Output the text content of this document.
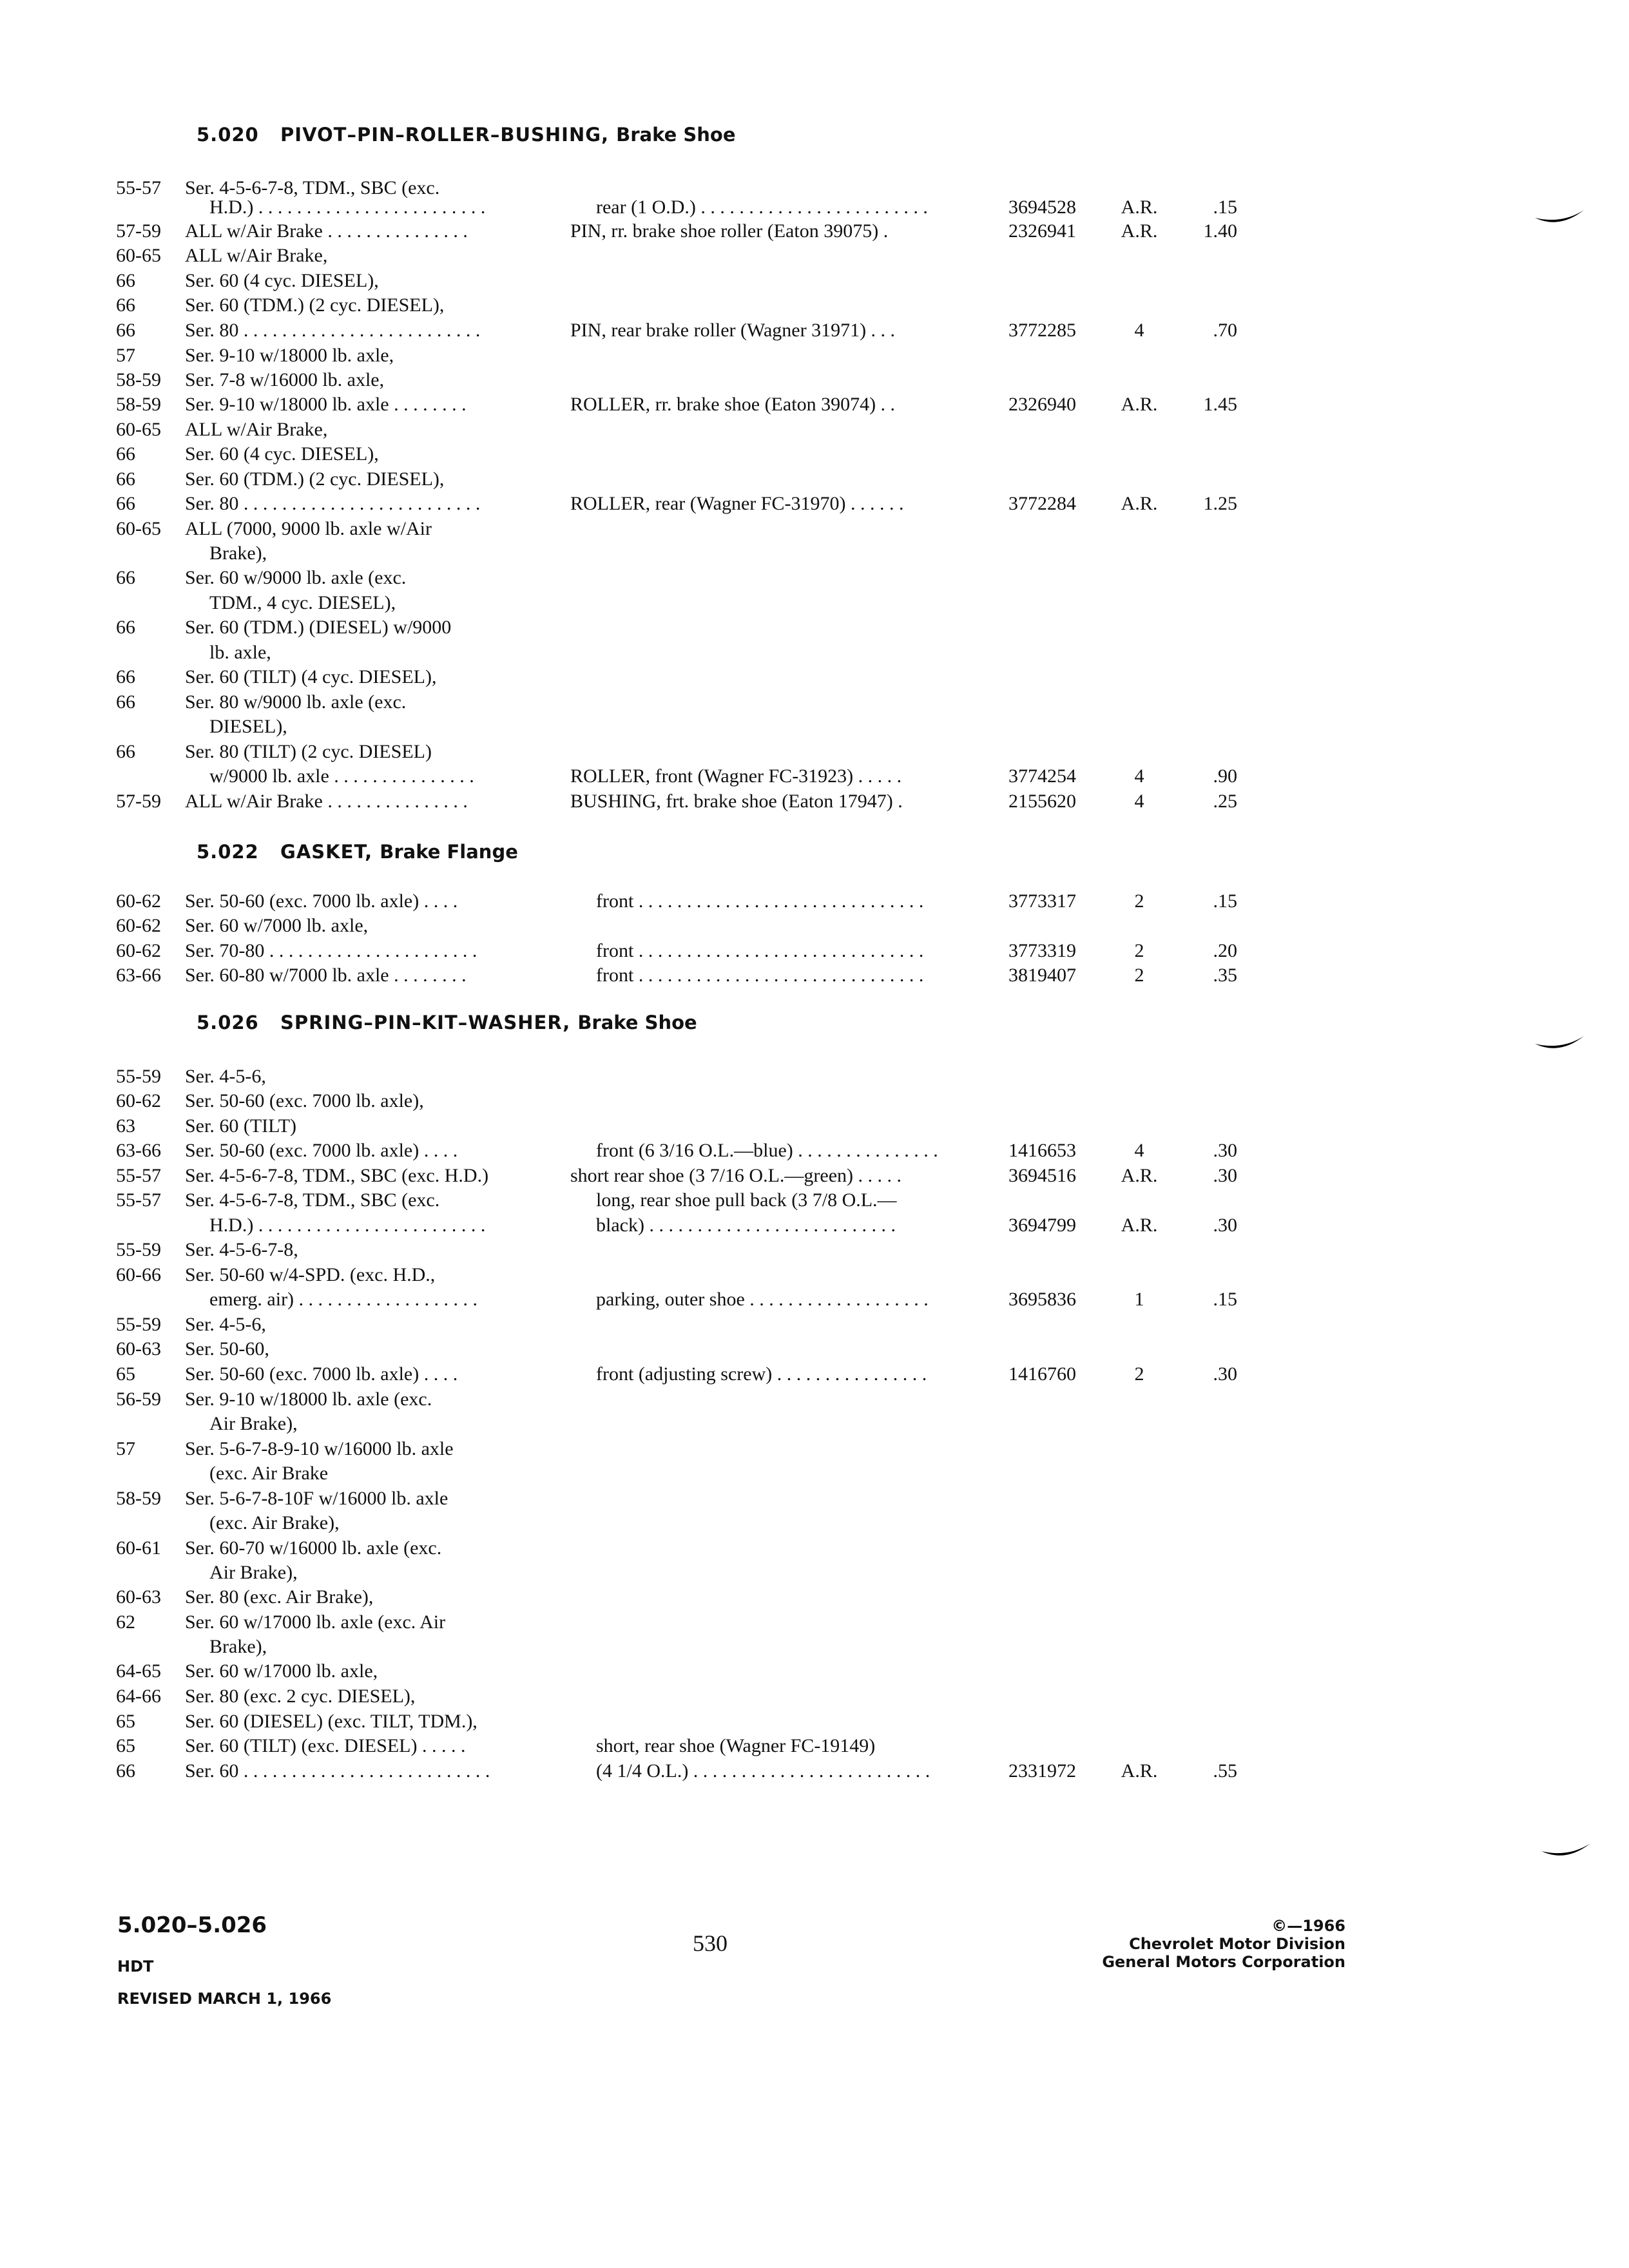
5.020 PIVOT–PIN–ROLLER–BUSHING, Brake Shoe
5.022 GASKET, Brake Flange
5.026 SPRING–PIN–KIT–WASHER, Brake Shoe
55-57 Ser. 4-5-6-7-8, TDM., SBC (exc.
H.D.) . . . . . . . . . . . . . . . . . . . . . . . .	rear (1 O.D.) . . . . . . . . . . . . . . . . . . . . . . . .	3694528	A.R.	.15
57-59 ALL w/Air Brake . . . . . . . . . . . . . . .	PIN, rr. brake shoe roller (Eaton 39075) .	2326941	A.R.	1.40
60-65 ALL w/Air Brake,
66	Ser. 60 (4 cyc. DIESEL),
66	Ser. 60 (TDM.) (2 cyc. DIESEL),
66	Ser. 80 . . . . . . . . . . . . . . . . . . . . . . . . .	PIN, rear brake roller (Wagner 31971) . . .	3772285	4	.70
57	Ser. 9-10 w/18000 lb. axle,
58-59 Ser. 7-8 w/16000 lb. axle,
58-59 Ser. 9-10 w/18000 lb. axle . . . . . . . .	ROLLER, rr. brake shoe (Eaton 39074) . .	2326940	A.R.	1.45
60-65 ALL w/Air Brake,
66	Ser. 60 (4 cyc. DIESEL),
66	Ser. 60 (TDM.) (2 cyc. DIESEL),
66	Ser. 80 . . . . . . . . . . . . . . . . . . . . . . . . .	ROLLER, rear (Wagner FC-31970) . . . . . .	3772284	A.R.	1.25
60-65 ALL (7000, 9000 lb. axle w/Air
Brake),
66	Ser. 60 w/9000 lb. axle (exc.
TDM., 4 cyc. DIESEL),
66	Ser. 60 (TDM.) (DIESEL) w/9000
lb. axle,
66	Ser. 60 (TILT) (4 cyc. DIESEL),
66	Ser. 80 w/9000 lb. axle (exc.
DIESEL),
66	Ser. 80 (TILT) (2 cyc. DIESEL)
w/9000 lb. axle . . . . . . . . . . . . . . .	ROLLER, front (Wagner FC-31923) . . . . .	3774254	4	.90
57-59 ALL w/Air Brake . . . . . . . . . . . . . . .	BUSHING, frt. brake shoe (Eaton 17947) .	2155620	4	.25
60-62 Ser. 50-60 (exc. 7000 lb. axle) . . . .	front . . . . . . . . . . . . . . . . . . . . . . . . . . . . . .	3773317	2	.15
60-62 Ser. 60 w/7000 lb. axle,
60-62 Ser. 70-80 . . . . . . . . . . . . . . . . . . . . . .	front . . . . . . . . . . . . . . . . . . . . . . . . . . . . . .	3773319	2	.20
63-66 Ser. 60-80 w/7000 lb. axle . . . . . . . .	front . . . . . . . . . . . . . . . . . . . . . . . . . . . . . .	3819407	2	.35
55-59 Ser. 4-5-6,
60-62 Ser. 50-60 (exc. 7000 lb. axle),
63	Ser. 60 (TILT)
63-66 Ser. 50-60 (exc. 7000 lb. axle) . . . .	front (6 3/16 O.L.—blue) . . . . . . . . . . . . . . .	1416653	4	.30
55-57 Ser. 4-5-6-7-8, TDM., SBC (exc. H.D.)	short rear shoe (3 7/16 O.L.—green) . . . . .	3694516	A.R.	.30
55-57 Ser. 4-5-6-7-8, TDM., SBC (exc.	long, rear shoe pull back (3 7/8 O.L.—
H.D.) . . . . . . . . . . . . . . . . . . . . . . . .	black) . . . . . . . . . . . . . . . . . . . . . . . . . .	3694799	A.R.	.30
55-59 Ser. 4-5-6-7-8,
60-66 Ser. 50-60 w/4-SPD. (exc. H.D.,
emerg. air) . . . . . . . . . . . . . . . . . . .	parking, outer shoe . . . . . . . . . . . . . . . . . . .	3695836	1	.15
55-59 Ser. 4-5-6,
60-63 Ser. 50-60,
65	Ser. 50-60 (exc. 7000 lb. axle) . . . .	front (adjusting screw) . . . . . . . . . . . . . . . .	1416760	2	.30
56-59 Ser. 9-10 w/18000 lb. axle (exc.
Air Brake),
57	Ser. 5-6-7-8-9-10 w/16000 lb. axle
(exc. Air Brake
58-59 Ser. 5-6-7-8-10F w/16000 lb. axle
(exc. Air Brake),
60-61 Ser. 60-70 w/16000 lb. axle (exc.
Air Brake),
60-63 Ser. 80 (exc. Air Brake),
62	Ser. 60 w/17000 lb. axle (exc. Air
Brake),
64-65 Ser. 60 w/17000 lb. axle,
64-66 Ser. 80 (exc. 2 cyc. DIESEL),
65	Ser. 60 (DIESEL) (exc. TILT, TDM.),
65	Ser. 60 (TILT) (exc. DIESEL) . . . . .	short, rear shoe (Wagner FC-19149)
66	Ser. 60 . . . . . . . . . . . . . . . . . . . . . . . . . .	(4 1/4 O.L.) . . . . . . . . . . . . . . . . . . . . . . . . .	2331972	A.R.	.55
5.020–5.026
HDT
REVISED MARCH 1, 1966
530
©—1966
Chevrolet Motor Division
General Motors Corporation
